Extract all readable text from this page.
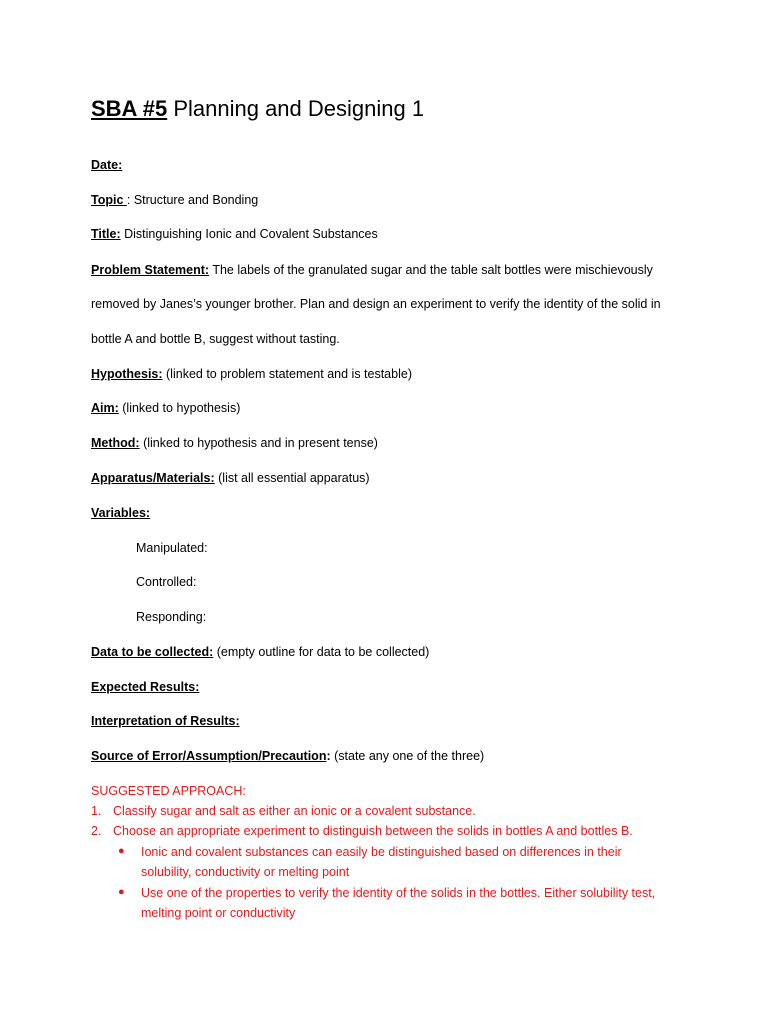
SBA #5 Planning and Designing 1
Date:
Topic : Structure and Bonding
Title: Distinguishing Ionic and Covalent Substances
Problem Statement: The labels of the granulated sugar and the table salt bottles were mischievously
removed by Janes’s younger brother. Plan and design an experiment to verify the identity of the solid in
bottle A and bottle B, suggest without tasting.
Hypothesis: (linked to problem statement and is testable)
Aim: (linked to hypothesis)
Method: (linked to hypothesis and in present tense)
Apparatus/Materials: (list all essential apparatus)
Variables:
Manipulated:
Controlled:
Responding:
Data to be collected: (empty outline for data to be collected)
Expected Results:
Interpretation of Results:
Source of Error/Assumption/Precaution: (state any one of the three)
SUGGESTED APPROACH:
1. Classify sugar and salt as either an ionic or a covalent substance.
2. Choose an appropriate experiment to distinguish between the solids in bottles A and bottles B.
● Ionic and covalent substances can easily be distinguished based on differences in their
solubility, conductivity or melting point
● Use one of the properties to verify the identity of the solids in the bottles. Either solubility test,
melting point or conductivity
